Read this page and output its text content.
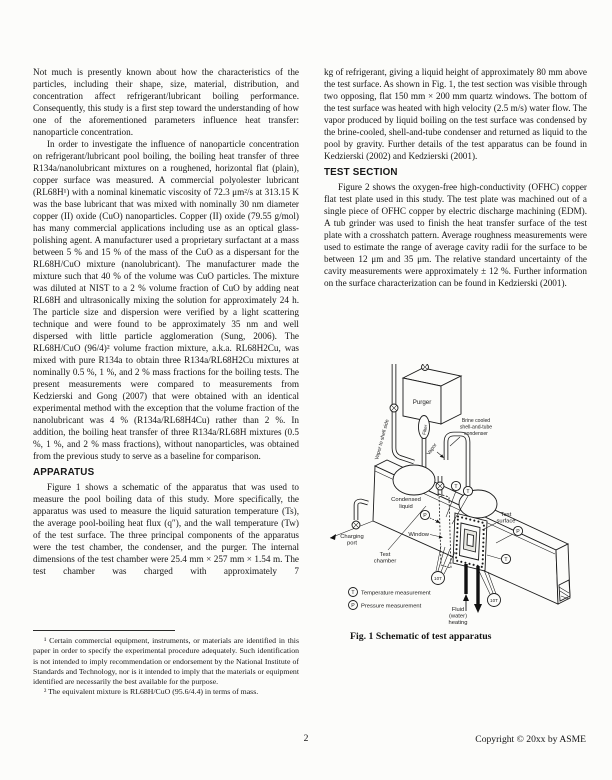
Not much is presently known about how the characteristics of the particles, including their shape, size, material, distribution, and concentration affect refrigerant/lubricant boiling performance. Consequently, this study is a first step toward the understanding of how one of the aforementioned parameters influence heat transfer: nanoparticle concentration.

In order to investigate the influence of nanoparticle concentration on refrigerant/lubricant pool boiling, the boiling heat transfer of three R134a/nanolubricant mixtures on a roughened, horizontal flat (plain), copper surface was measured. A commercial polyolester lubricant (RL68H¹) with a nominal kinematic viscosity of 72.3 μm²/s at 313.15 K was the base lubricant that was mixed with nominally 30 nm diameter copper (II) oxide (CuO) nanoparticles. Copper (II) oxide (79.55 g/mol) has many commercial applications including use as an optical glass-polishing agent. A manufacturer used a proprietary surfactant at a mass between 5 % and 15 % of the mass of the CuO as a dispersant for the RL68H/CuO mixture (nanolubricant). The manufacturer made the mixture such that 40 % of the volume was CuO particles. The mixture was diluted at NIST to a 2 % volume fraction of CuO by adding neat RL68H and ultrasonically mixing the solution for approximately 24 h. The particle size and dispersion were verified by a light scattering technique and were found to be approximately 35 nm and well dispersed with little particle agglomeration (Sung, 2006). The RL68H/CuO (96/4)² volume fraction mixture, a.k.a. RL68H2Cu, was mixed with pure R134a to obtain three R134a/RL68H2Cu mixtures at nominally 0.5 %, 1 %, and 2 % mass fractions for the boiling tests. The present measurements were compared to measurements from Kedzierski and Gong (2007) that were obtained with an identical experimental method with the exception that the volume fraction of the nanolubricant was 4 % (R134a/RL68H4Cu) rather than 2 %. In addition, the boiling heat transfer of three R134a/RL68H mixtures (0.5 %, 1 %, and 2 % mass fractions), without nanoparticles, was obtained from the previous study to serve as a baseline for comparison.

APPARATUS

Figure 1 shows a schematic of the apparatus that was used to measure the pool boiling data of this study. More specifically, the apparatus was used to measure the liquid saturation temperature (Ts), the average pool-boiling heat flux (q″), and the wall temperature (Tw) of the test surface. The three principal components of the apparatus were the test chamber, the condenser, and the purger. The internal dimensions of the test chamber were 25.4 mm × 257 mm × 1.54 m. The test chamber was charged with approximately 7

¹ Certain commercial equipment, instruments, or materials are identified in this paper in order to specify the experimental procedure adequately. Such identification is not intended to imply recommendation or endorsement by the National Institute of Standards and Technology, nor is it intended to imply that the materials or equipment identified are necessarily the best available for the purpose.

² The equivalent mixture is RL68H/CuO (95.6/4.4) in terms of mass.

kg of refrigerant, giving a liquid height of approximately 80 mm above the test surface. As shown in Fig. 1, the test section was visible through two opposing, flat 150 mm × 200 mm quartz windows. The bottom of the test surface was heated with high velocity (2.5 m/s) water flow. The vapor produced by liquid boiling on the test surface was condensed by the brine-cooled, shell-and-tube condenser and returned as liquid to the pool by gravity. Further details of the test apparatus can be found in Kedzierski (2002) and Kedzierski (2001).

TEST SECTION

Figure 2 shows the oxygen-free high-conductivity (OFHC) copper flat test plate used in this study. The test plate was machined out of a single piece of OFHC copper by electric discharge machining (EDM). A tub grinder was used to finish the heat transfer surface of the test plate with a crosshatch pattern. Average roughness measurements were used to estimate the range of average cavity radii for the surface to be between 12 μm and 35 μm. The relative standard uncertainty of the cavity measurements were approximately ± 12 %. Further information on the surface characterization can be found in Kedzierski (2001).

Purger
Filter
10T
10T
T
T
P
P
T
Vapor to shell side	Vapor
Brine cooled
shell-and-tube
condenser
Condensed
liquid
Charging
port
Test
chamber
Window
Test
surface
Fluid
(water)
heating
T Temperature measurement
P Pressure measurement
Fig. 1 Schematic of test apparatus
2	Copyright © 20xx by ASME
